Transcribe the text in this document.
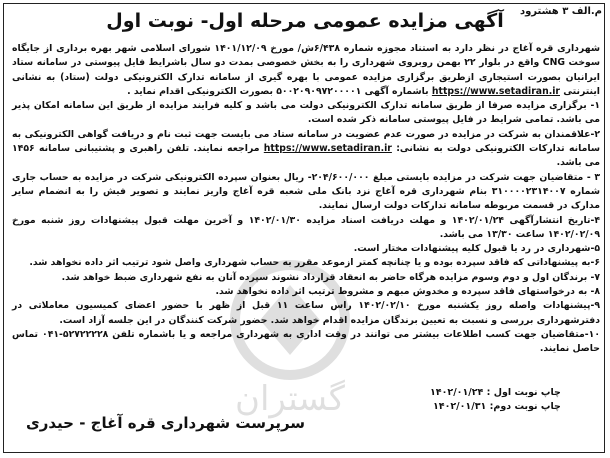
م.الف ۳ هشترود
آگهی مزایده عمومی مرحله اول- نوبت اول
گستران

شهرداری قره آغاج در نظر دارد به استناد مجوزه شماره ۶/۴۳۸ش/ مورخ ۱۴۰۱/۱۲/۰۹ شورای اسلامی شهر بهره برداری از جایگاه سوخت CNG واقع در بلوار ۲۲ بهمن روبروی شهرداری را به بخش خصوصی بمدت دو سال باشرایط فایل پیوستی در سامانه ستاد ایرانیان بصورت استیجاری ازطریق برگزاری مزایده عمومی با بهره گیری از سامانه تدارک الکترونیکی دولت (ستاد) به نشانی اینترنتی https://www.setadiran.ir باشماره آگهی ۵۰۰۲۰۹۰۹۷۲۰۰۰۰۱ بصورت الکترونیکی اقدام نماید .

۱- برگزاری مزایده صرفا از طریق سامانه تدارک الکترونیکی دولت می باشد و کلیه فرایند مزایده از طریق این سامانه امکان پذیر می باشد. تمامی شرایط در فایل پیوستی سامانه ذکر شده است.

۲-علاقمندان به شرکت در مزایده در صورت عدم عضویت در سامانه ستاد می بایست جهت ثبت نام و دریافت گواهی الکترونیکی به سامانه تدارکات الکترونیکی دولت به نشانی: https://www.setadiran.ir مراجعه نمایند. تلفن راهبری و پشتیبانی سامانه ۱۴۵۶ می باشد.

۳ - متقاضیان جهت شرکت در مزایده بایستی مبلغ ۲۰۴/۶۰۰/۰۰۰- ریال بعنوان سپرده الکترونیکی شرکت در مزایده به حساب جاری شماره ۳۱۰۰۰۰۲۳۱۴۰۰۷ بنام شهرداری قره آغاج نزد بانک ملی شعبه قره آغاج واریز نمایند و تصویر فیش را به انضمام سایر مدارک در قسمت مربوطه سامانه تدارکات دولت ارسال نمایند.

۴-تاریخ انتشارآگهی ۱۴۰۲/۰۱/۲۴ و مهلت دریافت اسناد مزایده ۱۴۰۲/۰۱/۳۰ و آخرین مهلت قبول پیشنهادات روز شنبه مورخ ۱۴۰۲/۰۲/۰۹ ساعت ۱۳/۳۰ می باشد.

۵-شهرداری در رد یا قبول کلیه پیشنهادات مختار است.

۶-به پیشنهاداتی که فاقد سپرده بوده و یا چنانچه کمتر ازموعد مقرر به حساب شهرداری واصل شود ترتیب اثر داده نخواهد شد.

۷- برندگان اول و دوم وسوم مزایده هرگاه حاضر به انعقاد قرارداد نشوند سپرده آنان به نفع شهرداری ضبط خواهد شد.

۸- به درخواستهای فاقد سپرده و مخدوش مبهم و مشروط ترتیب اثر داده نخواهد شد.

۹-پیشنهادات واصله روز یکشنبه مورخ ۱۴۰۲/۰۲/۱۰ راس ساعت ۱۱ قبل از ظهر با حضور اعضای کمیسیون معاملاتی در دفترشهرداری بررسی و نسبت به تعیین برندگان مزایده اقدام خواهد شد. حضور شرکت کنندگان در این جلسه آزاد است.

۱۰-متقاضیان جهت کسب اطلاعات بیشتر می توانند در وقت اداری به شهرداری مراجعه و یا باشماره تلفن ۵۲۷۲۲۲۲۸-۰۴۱ تماس حاصل نمایند.

چاپ نوبت اول : ۱۴۰۲/۰۱/۲۴
چاپ نوبت دوم: ۱۴۰۲/۰۱/۳۱
سرپرست شهرداری قره آغاج - حیدری
